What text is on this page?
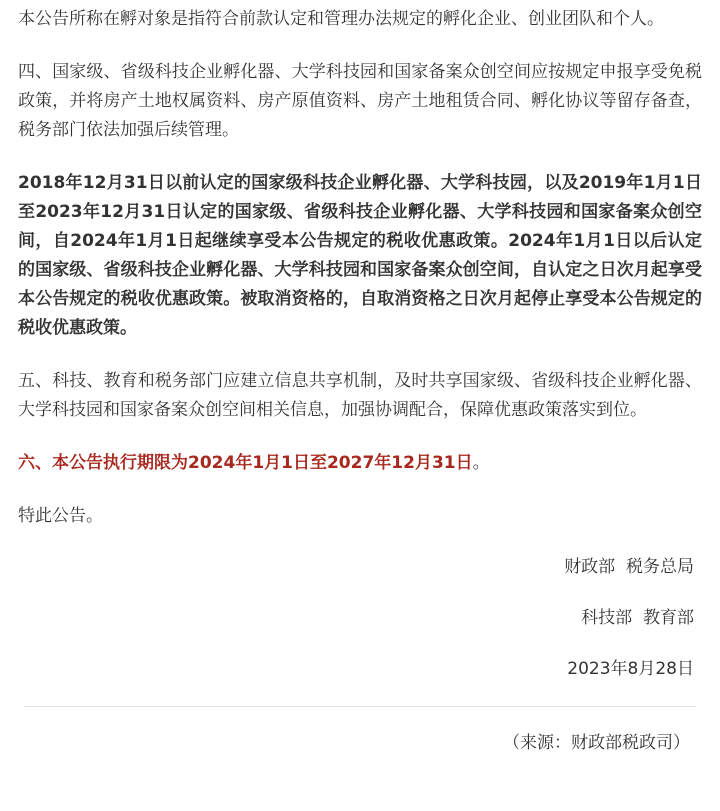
本公告所称在孵对象是指符合前款认定和管理办法规定的孵化企业、创业团队和个人。

四、国家级、省级科技企业孵化器、大学科技园和国家备案众创空间应按规定申报享受免税政策，并将房产土地权属资料、房产原值资料、房产土地租赁合同、孵化协议等留存备查，税务部门依法加强后续管理。

2018年12月31日以前认定的国家级科技企业孵化器、大学科技园，以及2019年1月1日至2023年12月31日认定的国家级、省级科技企业孵化器、大学科技园和国家备案众创空间，自2024年1月1日起继续享受本公告规定的税收优惠政策。2024年1月1日以后认定的国家级、省级科技企业孵化器、大学科技园和国家备案众创空间，自认定之日次月起享受本公告规定的税收优惠政策。被取消资格的，自取消资格之日次月起停止享受本公告规定的税收优惠政策。

五、科技、教育和税务部门应建立信息共享机制，及时共享国家级、省级科技企业孵化器、大学科技园和国家备案众创空间相关信息，加强协调配合，保障优惠政策落实到位。

六、本公告执行期限为2024年1月1日至2027年12月31日。

特此公告。

财政部  税务总局

科技部  教育部

2023年8月28日

（来源：财政部税政司）
